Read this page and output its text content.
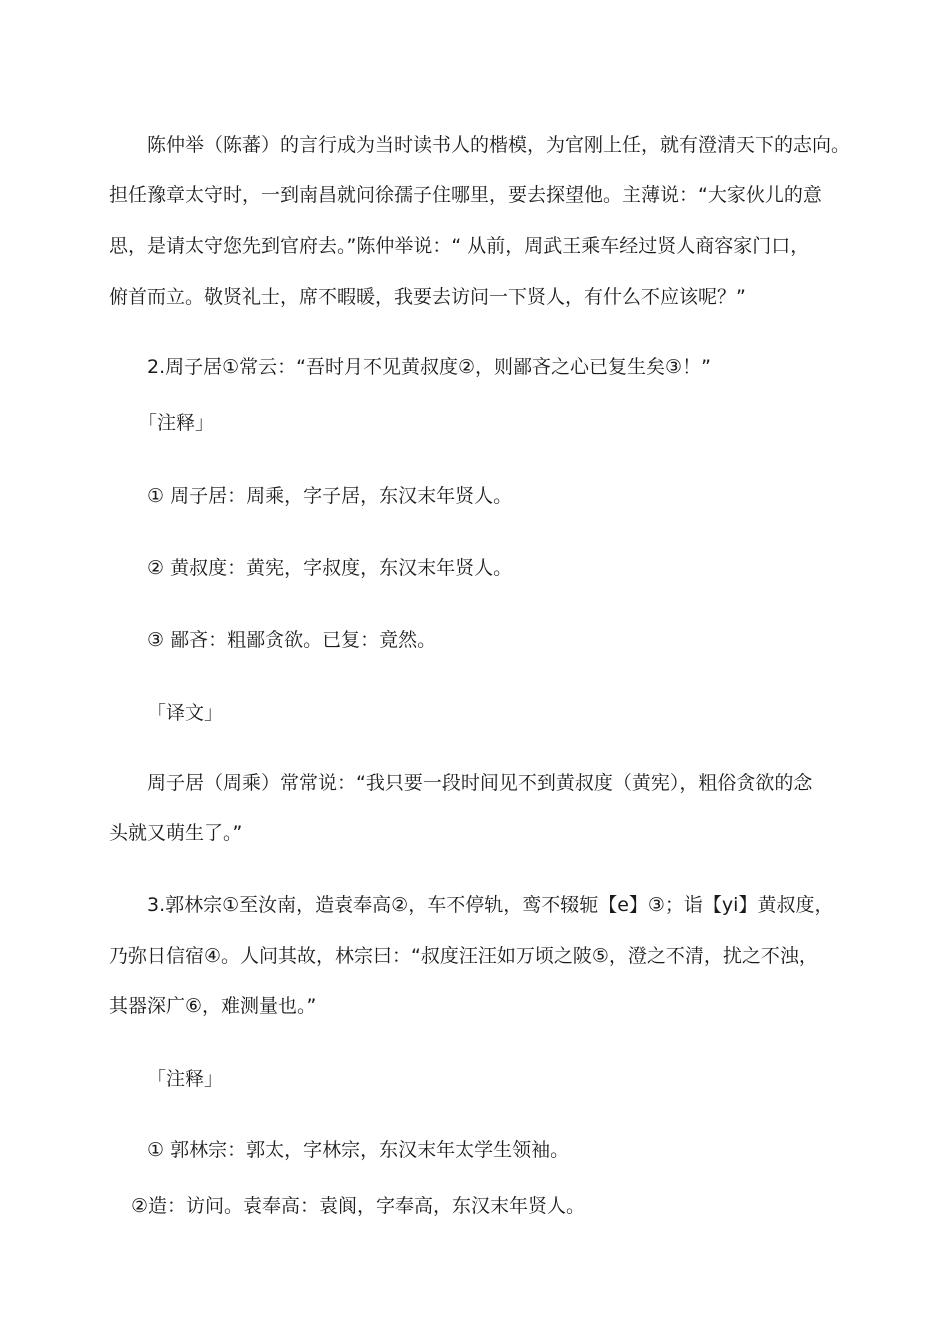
陈仲举（陈蕃）的言行成为当时读书人的楷模，为官刚上任，就有澄清天下的志向。
担任豫章太守时，一到南昌就问徐孺子住哪里，要去探望他。主薄说：“大家伙儿的意
思，是请太守您先到官府去。”陈仲举说：“ 从前，周武王乘车经过贤人商容家门口，
俯首而立。敬贤礼士，席不暇暖，我要去访问一下贤人，有什么不应该呢？”
2.周子居①常云：“吾时月不见黄叔度②，则鄙吝之心已复生矣③！”
「注释」
① 周子居：周乘，字子居，东汉末年贤人。
② 黄叔度：黄宪，字叔度，东汉末年贤人。
③ 鄙吝：粗鄙贪欲。已复：竟然。
「译文」
周子居（周乘）常常说：“我只要一段时间见不到黄叔度（黄宪），粗俗贪欲的念
头就又萌生了。”
3.郭林宗①至汝南，造袁奉高②，车不停轨，鸾不辍轭【e】③；诣【yi】黄叔度，
乃弥日信宿④。人问其故，林宗曰：“叔度汪汪如万顷之陂⑤，澄之不清，扰之不浊，
其器深广⑥，难测量也。”
「注释」
① 郭林宗：郭太，字林宗，东汉末年太学生领袖。
②造：访问。袁奉高：袁阆，字奉高，东汉末年贤人。
